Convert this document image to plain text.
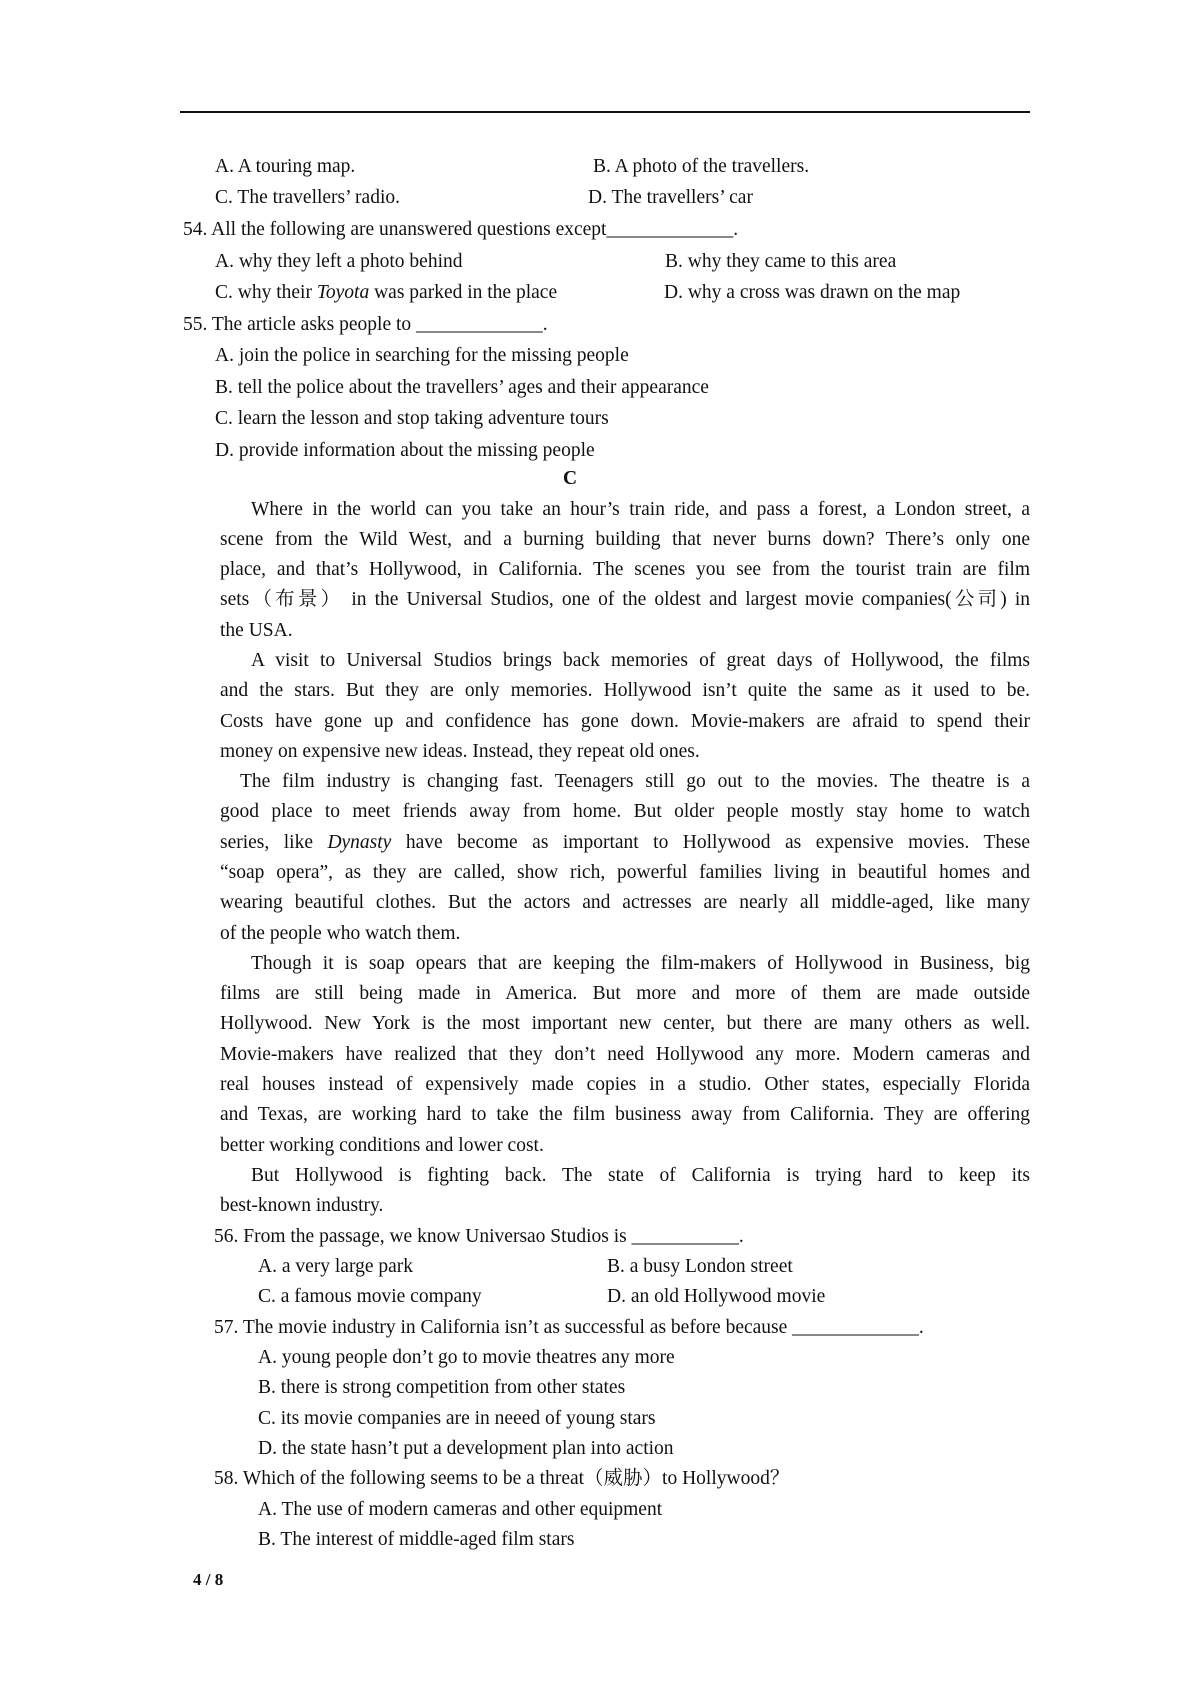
A. A touring map.	B. A photo of the travellers.
C. The travellers’ radio.	D. The travellers’ car
54. All the following are unanswered questions except_____________.
A. why they left a photo behind	B. why they came to this area
C. why their Toyota was parked in the place	D. why a cross was drawn on the map
55. The article asks people to _____________.
A. join the police in searching for the missing people
B. tell the police about the travellers’ ages and their appearance
C. learn the lesson and stop taking adventure tours
D. provide information about the missing people
C
Where in the world can you take an hour’s train ride, and pass a forest, a London street, a
scene from the Wild West, and a burning building that never burns down? There’s only one
place, and that’s Hollywood, in California. The scenes you see from the tourist train are film
sets（布景） in the Universal Studios, one of the oldest and largest movie companies(公司) in
the USA.
A visit to Universal Studios brings back memories of great days of Hollywood, the films
and the stars. But they are only memories. Hollywood isn’t quite the same as it used to be.
Costs have gone up and confidence has gone down. Movie-makers are afraid to spend their
money on expensive new ideas. Instead, they repeat old ones.
The film industry is changing fast. Teenagers still go out to the movies. The theatre is a
good place to meet friends away from home. But older people mostly stay home to watch
series, like Dynasty have become as important to Hollywood as expensive movies. These
“soap opera”, as they are called, show rich, powerful families living in beautiful homes and
wearing beautiful clothes. But the actors and actresses are nearly all middle-aged, like many
of the people who watch them.
Though it is soap opears that are keeping the film-makers of Hollywood in Business, big
films are still being made in America. But more and more of them are made outside
Hollywood. New York is the most important new center, but there are many others as well.
Movie-makers have realized that they don’t need Hollywood any more. Modern cameras and
real houses instead of expensively made copies in a studio. Other states, especially Florida
and Texas, are working hard to take the film business away from California. They are offering
better working conditions and lower cost.
But Hollywood is fighting back. The state of California is trying hard to keep its
best-known industry.
56. From the passage, we know Universao Studios is ___________.
A. a very large park	B. a busy London street
C. a famous movie company	D. an old Hollywood movie
57. The movie industry in California isn’t as successful as before because _____________.
A. young people don’t go to movie theatres any more
B. there is strong competition from other states
C. its movie companies are in neeed of young stars
D. the state hasn’t put a development plan into action
58. Which of the following seems to be a threat（威胁）to Hollywood？
A. The use of modern cameras and other equipment
B. The interest of middle-aged film stars
4 / 8
